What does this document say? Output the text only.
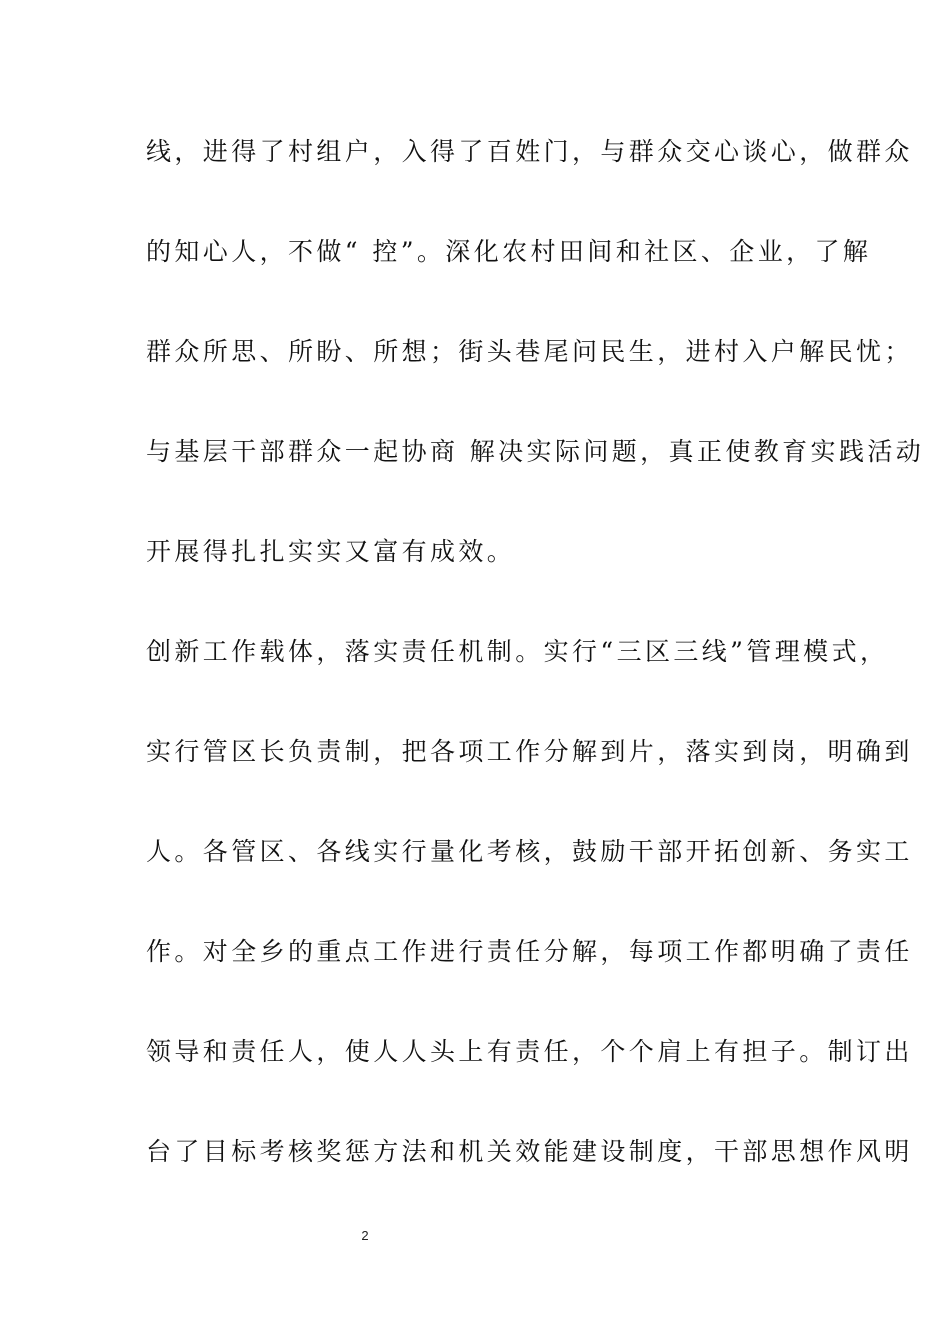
线，进得了村组户，入得了百姓门，与群众交心谈心，做群众
的知心人，不做“ 控”。深化农村田间和社区、企业，了解
群众所思、所盼、所想；街头巷尾问民生，进村入户解民忧；
与基层干部群众一起协商 解决实际问题，真正使教育实践活动
开展得扎扎实实又富有成效。
创新工作载体，落实责任机制。实行“三区三线”管理模式，
实行管区长负责制，把各项工作分解到片，落实到岗，明确到
人。各管区、各线实行量化考核，鼓励干部开拓创新、务实工
作。对全乡的重点工作进行责任分解，每项工作都明确了责任
领导和责任人，使人人头上有责任，个个肩上有担子。制订出
台了目标考核奖惩方法和机关效能建设制度，干部思想作风明
2
